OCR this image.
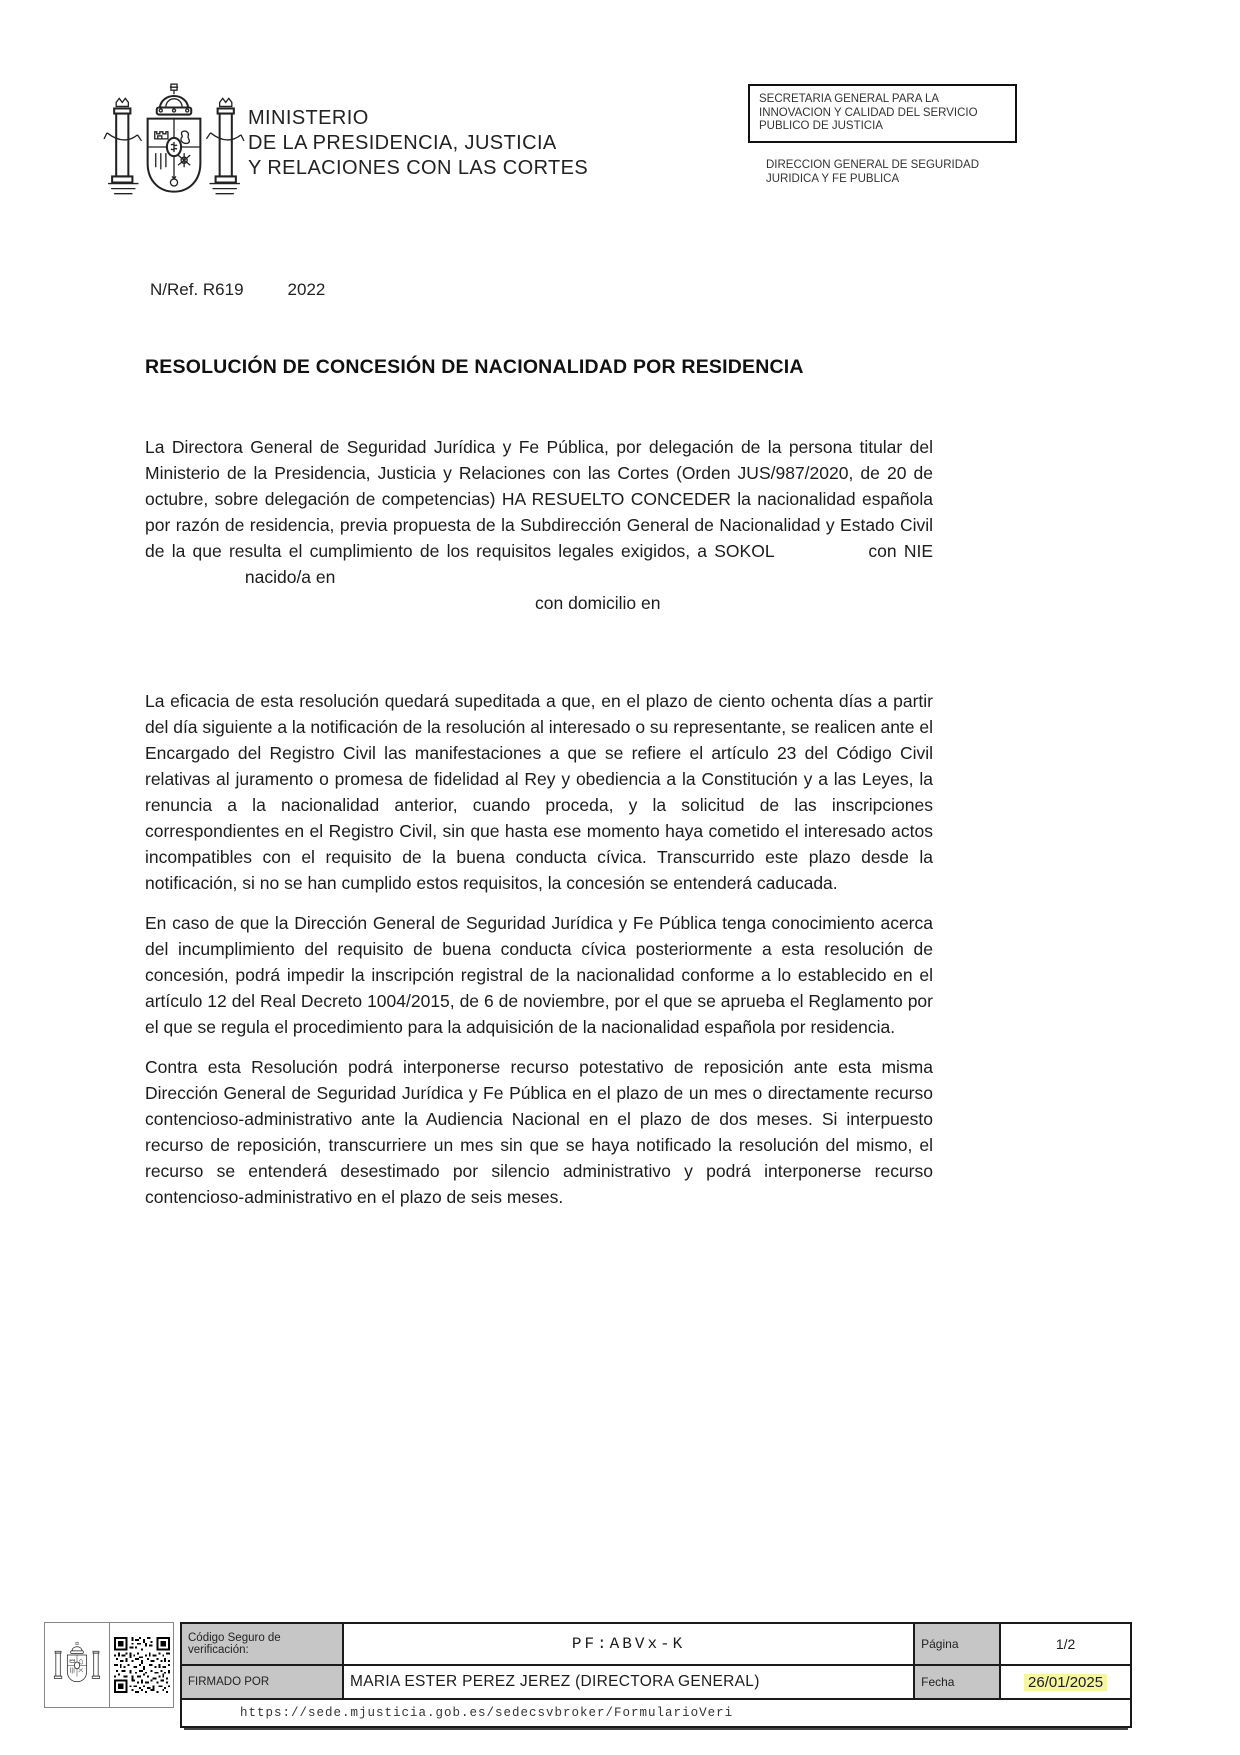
MINISTERIO
DE LA PRESIDENCIA, JUSTICIA
Y RELACIONES CON LAS CORTES
SECRETARIA GENERAL PARA LA INNOVACION Y CALIDAD DEL SERVICIO PUBLICO DE JUSTICIA
DIRECCION GENERAL DE SEGURIDAD JURIDICA Y FE PUBLICA
N/Ref. R619	2022
RESOLUCIÓN DE CONCESIÓN DE NACIONALIDAD POR RESIDENCIA

La Directora General de Seguridad Jurídica y Fe Pública, por delegación de la persona titular del Ministerio de la Presidencia, Justicia y Relaciones con las Cortes (Orden JUS/987/2020, de 20 de octubre, sobre delegación de competencias) HA RESUELTO CONCEDER la nacionalidad española por razón de residencia, previa propuesta de la Subdirección General de Nacionalidad y Estado Civil de la que resulta el cumplimiento de los requisitos legales exigidos, a SOKOL	con NIE  nacido/a en

con domicilio en

La eficacia de esta resolución quedará supeditada a que, en el plazo de ciento ochenta días a partir del día siguiente a la notificación de la resolución al interesado o su representante, se realicen ante el Encargado del Registro Civil las manifestaciones a que se refiere el artículo 23 del Código Civil relativas al juramento o promesa de fidelidad al Rey y obediencia a la Constitución y a las Leyes, la renuncia a la nacionalidad anterior, cuando proceda, y la solicitud de las inscripciones correspondientes en el Registro Civil, sin que hasta ese momento haya cometido el interesado actos incompatibles con el requisito de la buena conducta cívica. Transcurrido este plazo desde la notificación, si no se han cumplido estos requisitos, la concesión se entenderá caducada.

En caso de que la Dirección General de Seguridad Jurídica y Fe Pública tenga conocimiento acerca del incumplimiento del requisito de buena conducta cívica posteriormente a esta resolución de concesión, podrá impedir la inscripción registral de la nacionalidad conforme a lo establecido en el artículo 12 del Real Decreto 1004/2015, de 6 de noviembre, por el que se aprueba el Reglamento por el que se regula el procedimiento para la adquisición de la nacionalidad española por residencia.

Contra esta Resolución podrá interponerse recurso potestativo de reposición ante esta misma Dirección General de Seguridad Jurídica y Fe Pública en el plazo de un mes o directamente recurso contencioso-administrativo ante la Audiencia Nacional en el plazo de dos meses. Si interpuesto recurso de reposición, transcurriere un mes sin que se haya notificado la resolución del mismo, el recurso se entenderá desestimado por silencio administrativo y podrá interponerse recurso contencioso-administrativo en el plazo de seis meses.

Código Seguro de verificación:	PF:ABVx-K	Página	1/2
FIRMADO POR	MARIA ESTER PEREZ JEREZ (DIRECTORA GENERAL)	Fecha	26/01/2025
https://sede.mjusticia.gob.es/sedecsvbroker/FormularioVeri			
